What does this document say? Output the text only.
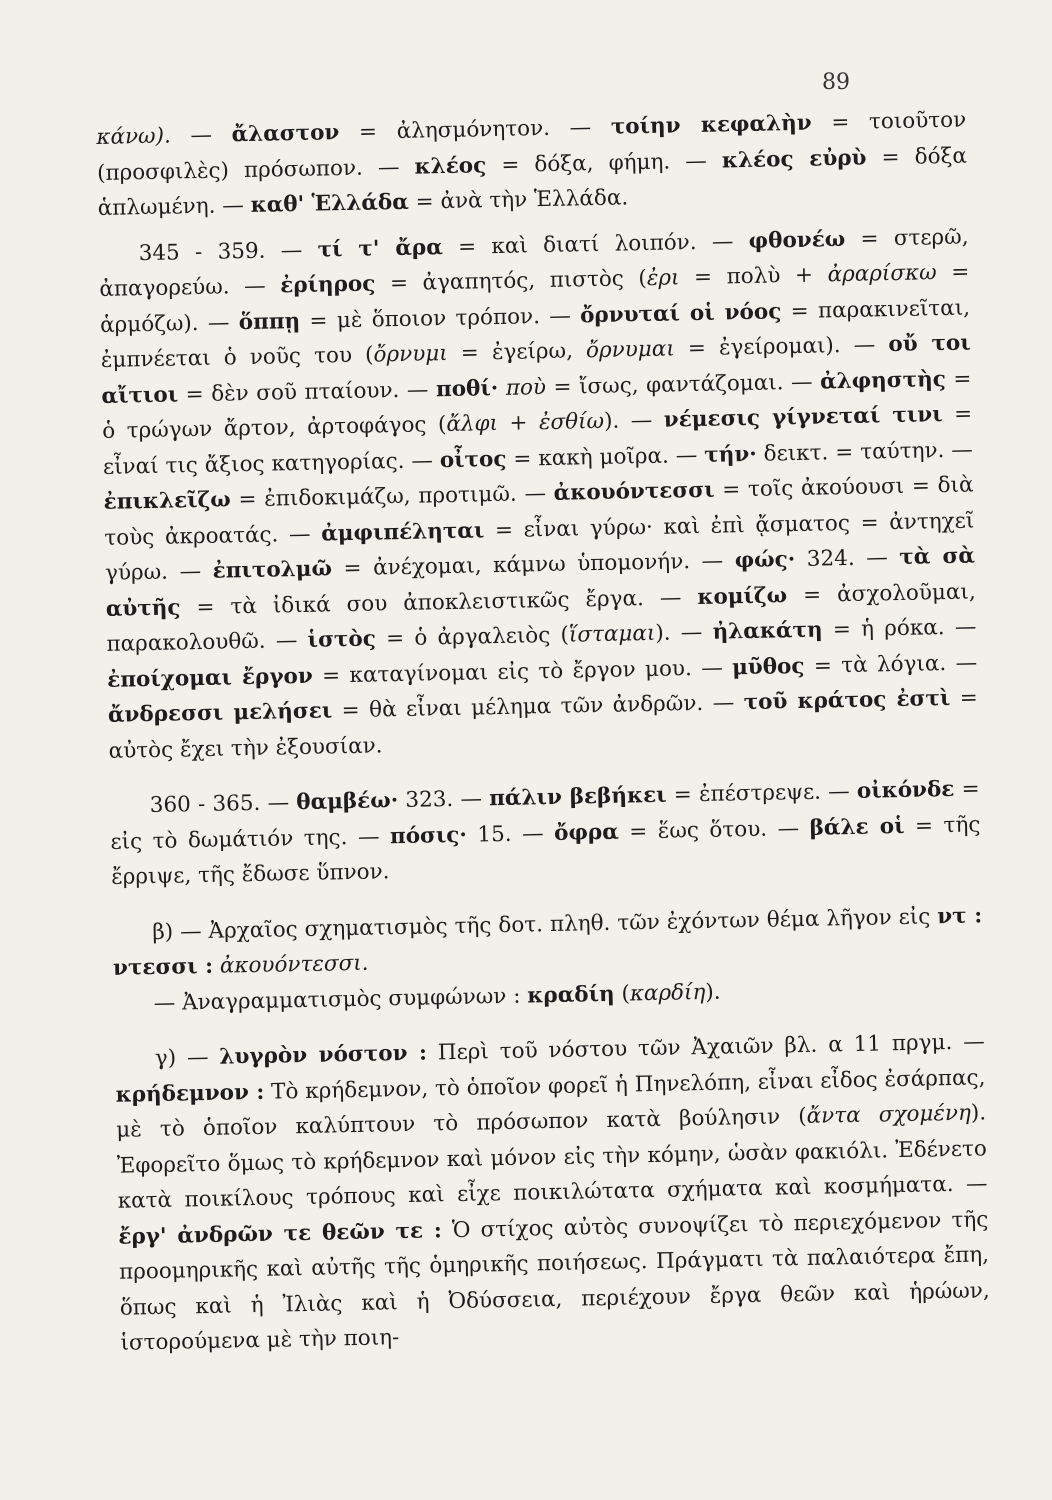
89

κάνω). — ἄλαστον = ἀλησμόνητον. — τοίην κεφαλὴν = τοιοῦτον (προσφιλὲς) πρόσωπον. — κλέος = δόξα, φήμη. — κλέος εὐρὺ = δόξα ἁπλωμένη. — καθ' Ἑλλάδα = ἀνὰ τὴν Ἑλλάδα.

345 - 359. — τί τ' ἄρα = καὶ διατί λοιπόν. — φθονέω = στερῶ, ἀπαγορεύω. — ἐρίηρος = ἀγαπητός, πιστὸς (ἐρι = πολὺ + ἀραρίσκω = ἁρμόζω). — ὅππῃ = μὲ ὅποιον τρόπον. — ὄρνυταί οἱ νόος = παρακινεῖται, ἐμπνέεται ὁ νοῦς του (ὄρνυμι = ἐγείρω, ὄρνυμαι = ἐγείρομαι). — οὔ τοι αἴτιοι = δὲν σοῦ πταίουν. — ποθί· ποὺ = ἴσως, φαντάζομαι. — ἀλφηστὴς = ὁ τρώγων ἄρτον, ἀρτοφάγος (ἄλφι + ἐσθίω). — νέμεσις γίγνεταί τινι = εἶναί τις ἄξιος κατηγορίας. — οἶτος = κακὴ μοῖρα. — τήν· δεικτ. = ταύτην. — ἐπικλεῖζω = ἐπιδοκιμάζω, προτιμῶ. — ἀκουόντεσσι = τοῖς ἀκούουσι = διὰ τοὺς ἀκροατάς. — ἀμφιπέληται = εἶναι γύρω· καὶ ἐπὶ ᾄσματος = ἀντηχεῖ γύρω. — ἐπιτολμῶ = ἀνέχομαι, κάμνω ὑπομονήν. — φώς· 324. — τὰ σὰ αὐτῆς = τὰ ἰδικά σου ἀποκλειστικῶς ἔργα. — κομίζω = ἀσχολοῦμαι, παρακολουθῶ. — ἱστὸς = ὁ ἀργαλειὸς (ἵσταμαι). — ἠλακάτη = ἡ ρόκα. — ἐποίχομαι ἔργον = καταγίνομαι εἰς τὸ ἔργον μου. — μῦθος = τὰ λόγια. — ἄνδρεσσι μελήσει = θὰ εἶναι μέλημα τῶν ἀνδρῶν. — τοῦ κράτος ἐστὶ = αὐτὸς ἔχει τὴν ἐξουσίαν.

360 - 365. — θαμβέω· 323. — πάλιν βεβήκει = ἐπέστρεψε. — οἰκόνδε = εἰς τὸ δωμάτιόν της. — πόσις· 15. — ὄφρα = ἕως ὅτου. — βάλε οἱ = τῆς ἔρριψε, τῆς ἔδωσε ὕπνον.

β) — Ἀρχαῖος σχηματισμὸς τῆς δοτ. πληθ. τῶν ἐχόντων θέμα λῆγον εἰς ντ : ντεσσι : ἀκουόντεσσι.

— Ἀναγραμματισμὸς συμφώνων : κραδίη (καρδίη).

γ) — λυγρὸν νόστον : Περὶ τοῦ νόστου τῶν Ἀχαιῶν βλ. α 11 πργμ. — κρήδεμνον : Τὸ κρήδεμνον, τὸ ὁποῖον φορεῖ ἡ Πηνελόπη, εἶναι εἶδος ἐσάρπας, μὲ τὸ ὁποῖον καλύπτουν τὸ πρόσωπον κατὰ βούλησιν (ἄντα σχομένη). Ἐφορεῖτο ὅμως τὸ κρήδεμνον καὶ μόνον εἰς τὴν κόμην, ὡσὰν φακιόλι. Ἐδένετο κατὰ ποικίλους τρόπους καὶ εἶχε ποικιλώτατα σχήματα καὶ κοσμήματα. — ἔργ' ἀνδρῶν τε θεῶν τε : Ὁ στίχος αὐτὸς συνοψίζει τὸ περιεχόμενον τῆς προομηρικῆς καὶ αὐτῆς τῆς ὁμηρικῆς ποιήσεως. Πράγματι τὰ παλαιότερα ἔπη, ὅπως καὶ ἡ Ἰλιὰς καὶ ἡ Ὀδύσσεια, περιέχουν ἔργα θεῶν καὶ ἡρώων, ἱστορούμενα μὲ τὴν ποιη-
